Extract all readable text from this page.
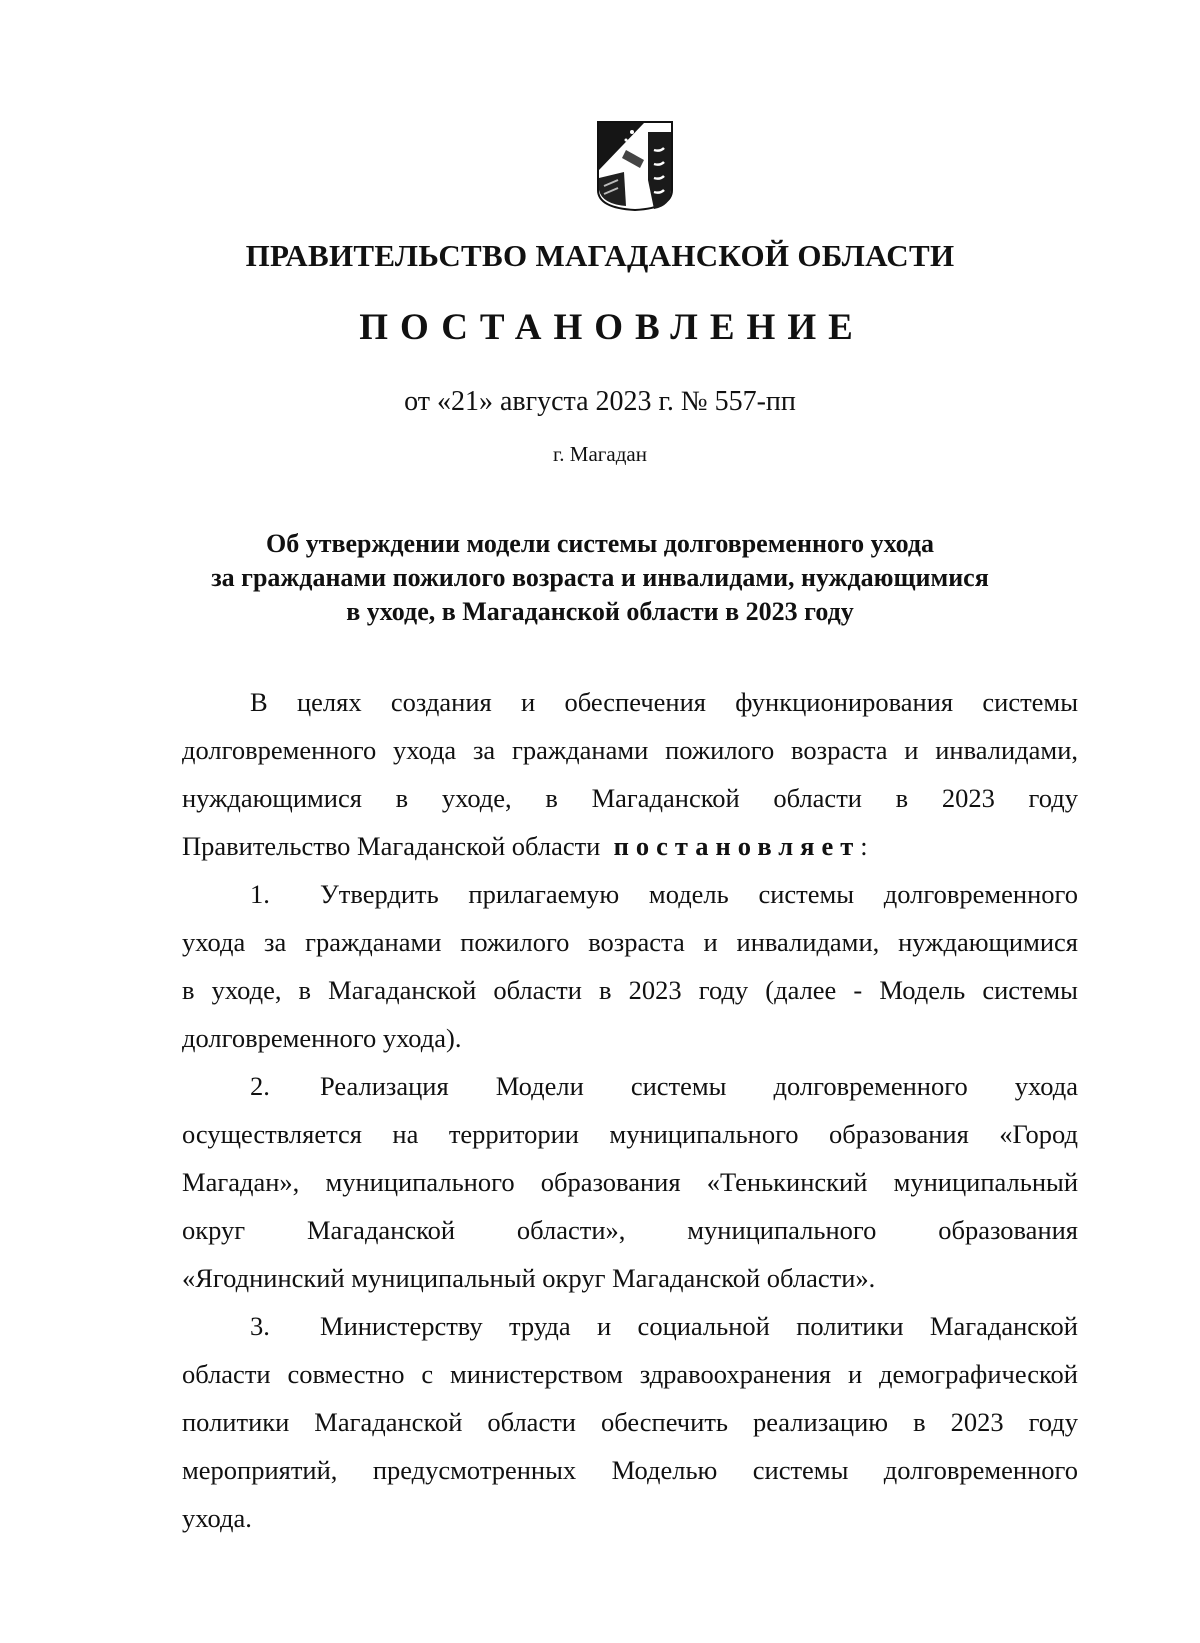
ПРАВИТЕЛЬСТВО МАГАДАНСКОЙ ОБЛАСТИ
ПОСТАНОВЛЕНИЕ
от «21» августа 2023 г. № 557-пп
г. Магадан
Об утверждении модели системы долговременного ухода
за гражданами пожилого возраста и инвалидами, нуждающимися
в уходе, в Магаданской области в 2023 году
В целях создания и обеспечения функционирования системы
долговременного ухода за гражданами пожилого возраста и инвалидами,
нуждающимися в уходе, в Магаданской области в 2023 году
Правительство Магаданской области постановляет:
1. Утвердить прилагаемую модель системы долговременного
ухода за гражданами пожилого возраста и инвалидами, нуждающимися
в уходе, в Магаданской области в 2023 году (далее - Модель системы
долговременного ухода).
2. Реализация Модели системы долговременного ухода
осуществляется на территории муниципального образования «Город
Магадан», муниципального образования «Тенькинский муниципальный
округ Магаданской области», муниципального образования
«Ягоднинский муниципальный округ Магаданской области».
3. Министерству труда и социальной политики Магаданской
области совместно с министерством здравоохранения и демографической
политики Магаданской области обеспечить реализацию в 2023 году
мероприятий, предусмотренных Моделью системы долговременного
ухода.
